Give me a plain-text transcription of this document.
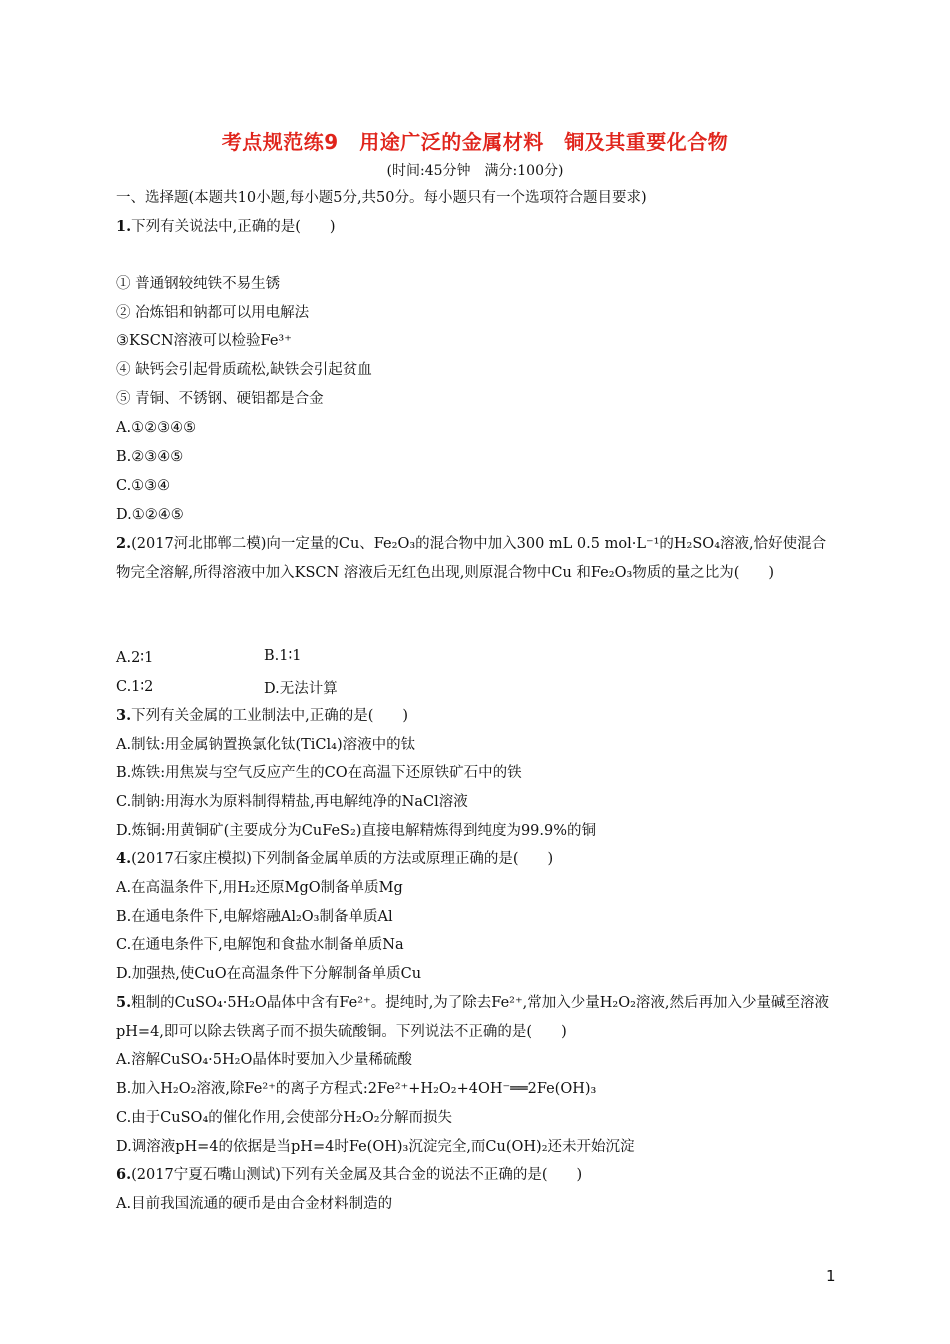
考点规范练9　用途广泛的金属材料　铜及其重要化合物
(时间:45分钟　满分:100分)
一、选择题(本题共10小题,每小题5分,共50分。每小题只有一个选项符合题目要求)
1.下列有关说法中,正确的是(　　)
① 普通钢较纯铁不易生锈
② 冶炼铝和钠都可以用电解法
③KSCN溶液可以检验Fe³⁺
④ 缺钙会引起骨质疏松,缺铁会引起贫血
⑤ 青铜、不锈钢、硬铝都是合金
A.①②③④⑤
B.②③④⑤
C.①③④
D.①②④⑤
2.(2017河北邯郸二模)向一定量的Cu、Fe₂O₃的混合物中加入300 mL 0.5 mol·L⁻¹的H₂SO₄溶液,恰好使混合物完全溶解,所得溶液中加入KSCN 溶液后无红色出现,则原混合物中Cu 和Fe₂O₃物质的量之比为(　　)
A.2∶1	B.1∶1
C.1∶2	D.无法计算
3.下列有关金属的工业制法中,正确的是(　　)
A.制钛:用金属钠置换氯化钛(TiCl₄)溶液中的钛
B.炼铁:用焦炭与空气反应产生的CO在高温下还原铁矿石中的铁
C.制钠:用海水为原料制得精盐,再电解纯净的NaCl溶液
D.炼铜:用黄铜矿(主要成分为CuFeS₂)直接电解精炼得到纯度为99.9%的铜
4.(2017石家庄模拟)下列制备金属单质的方法或原理正确的是(　　)
A.在高温条件下,用H₂还原MgO制备单质Mg
B.在通电条件下,电解熔融Al₂O₃制备单质Al
C.在通电条件下,电解饱和食盐水制备单质Na
D.加强热,使CuO在高温条件下分解制备单质Cu
5.粗制的CuSO₄·5H₂O晶体中含有Fe²⁺。提纯时,为了除去Fe²⁺,常加入少量H₂O₂溶液,然后再加入少量碱至溶液pH=4,即可以除去铁离子而不损失硫酸铜。下列说法不正确的是(　　)
A.溶解CuSO₄·5H₂O晶体时要加入少量稀硫酸
B.加入H₂O₂溶液,除Fe²⁺的离子方程式:2Fe²⁺+H₂O₂+4OH⁻══2Fe(OH)₃
C.由于CuSO₄的催化作用,会使部分H₂O₂分解而损失
D.调溶液pH=4的依据是当pH=4时Fe(OH)₃沉淀完全,而Cu(OH)₂还未开始沉淀
6.(2017宁夏石嘴山测试)下列有关金属及其合金的说法不正确的是(　　)
A.目前我国流通的硬币是由合金材料制造的
1
